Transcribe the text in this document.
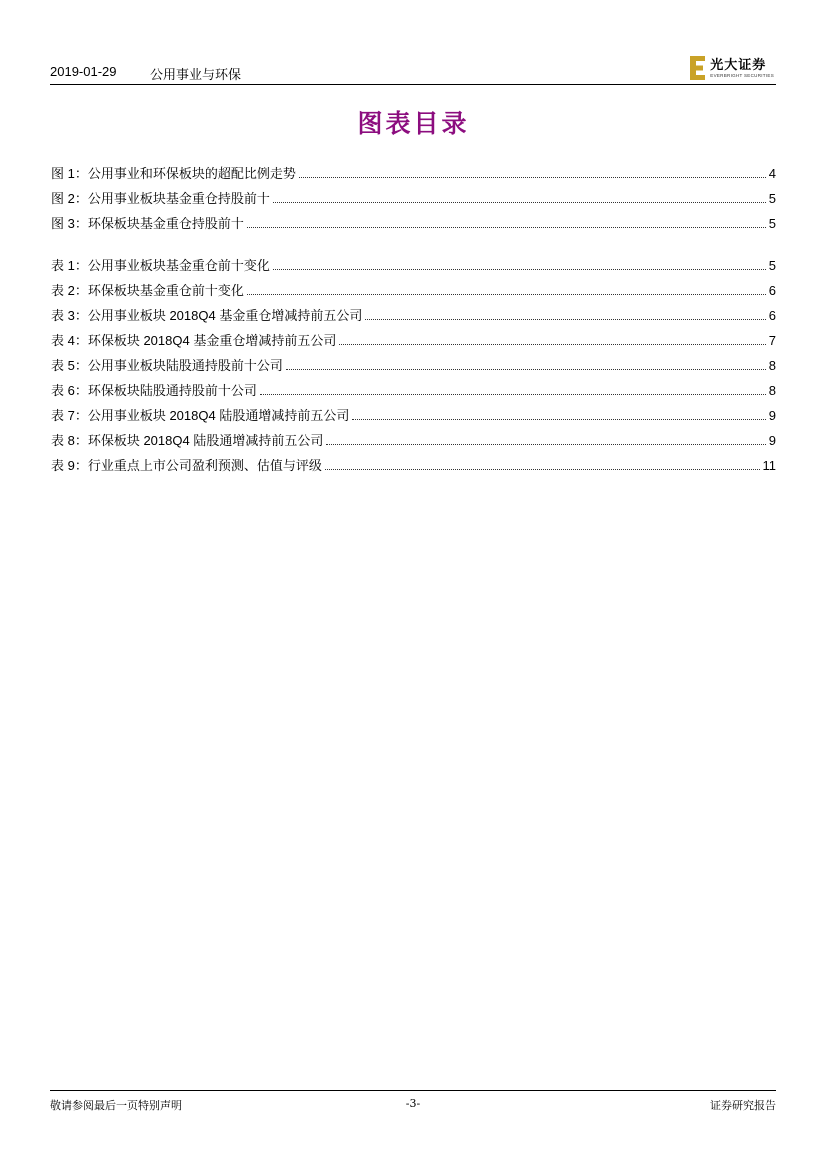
2019-01-29	公用事业与环保
光大证券
EVERBRIGHT SECURITIES
图表目录
图 1：公用事业和环保板块的超配比例走势	4
图 2：公用事业板块基金重仓持股前十	5
图 3：环保板块基金重仓持股前十	5
表 1：公用事业板块基金重仓前十变化	5
表 2：环保板块基金重仓前十变化	6
表 3：公用事业板块 2018Q4 基金重仓增减持前五公司	6
表 4：环保板块 2018Q4 基金重仓增减持前五公司	7
表 5：公用事业板块陆股通持股前十公司	8
表 6：环保板块陆股通持股前十公司	8
表 7：公用事业板块 2018Q4 陆股通增减持前五公司	9
表 8：环保板块 2018Q4 陆股通增减持前五公司	9
表 9：行业重点上市公司盈利预测、估值与评级	11
敬请参阅最后一页特别声明	-3-	证券研究报告
